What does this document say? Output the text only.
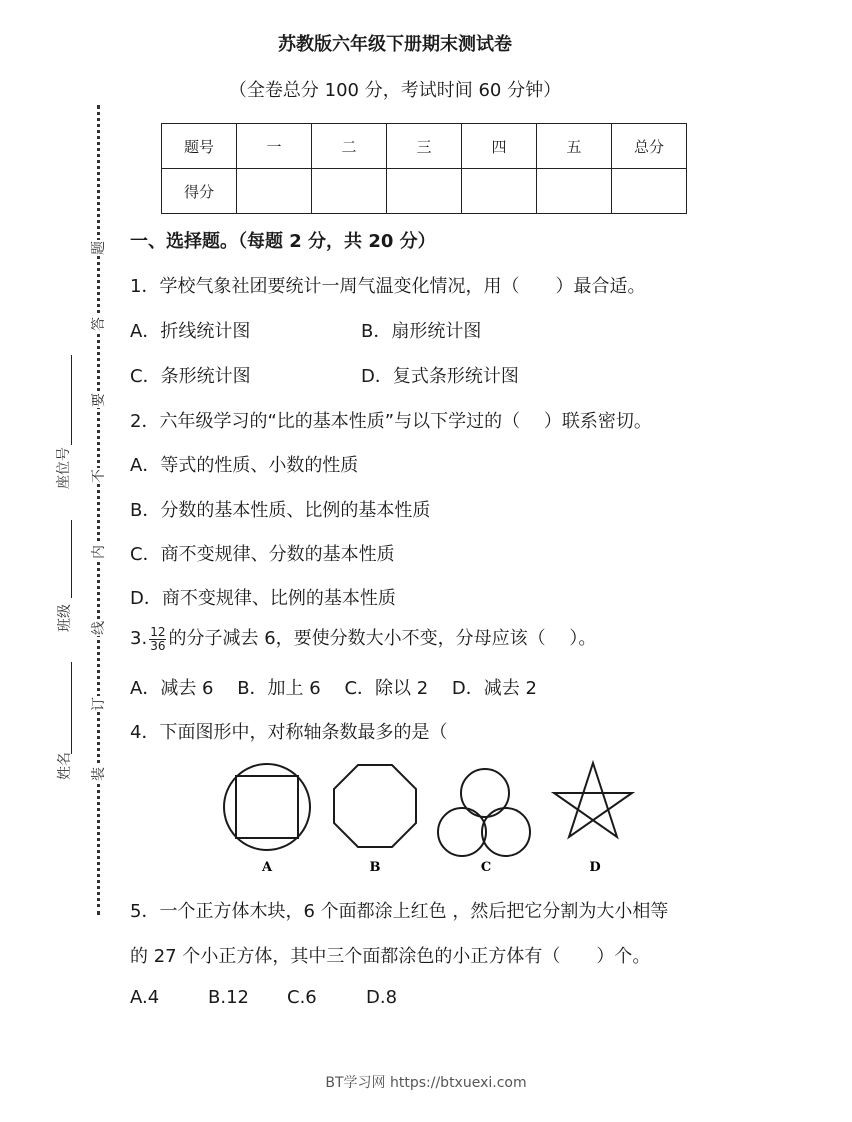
苏教版六年级下册期末测试卷
（全卷总分 100 分，考试时间 60 分钟）
题号	一	二	三	四	五	总分
得分						
题
答
要
不
内
线
订
装
座位号
班级
姓名
一、选择题。（每题 2 分，共 20 分）
1．学校气象社团要统计一周气温变化情况，用（　　）最合适。
A．折线统计图	B．扇形统计图
C．条形统计图	D．复式条形统计图
2．六年级学习的“比的基本性质”与以下学过的（　 ）联系密切。
A．等式的性质、小数的性质
B．分数的基本性质、比例的基本性质
C．商不变规律、分数的基本性质
D．商不变规律、比例的基本性质
3. $\frac{12}{36}$ 的分子减去 6，要使分数大小不变，分母应该（　 ）。
A．减去 6　 B．加上 6　 C．除以 2　 D．减去 2
4．下面图形中，对称轴条数最多的是（
A	B	C	D
5．一个正方体木块，6 个面都涂上红色 ，然后把它分割为大小相等
的 27 个小正方体，其中三个面都涂色的小正方体有（　　）个。
A.4	B.12 C.6	D.8
BT学习网 https://btxuexi.com
